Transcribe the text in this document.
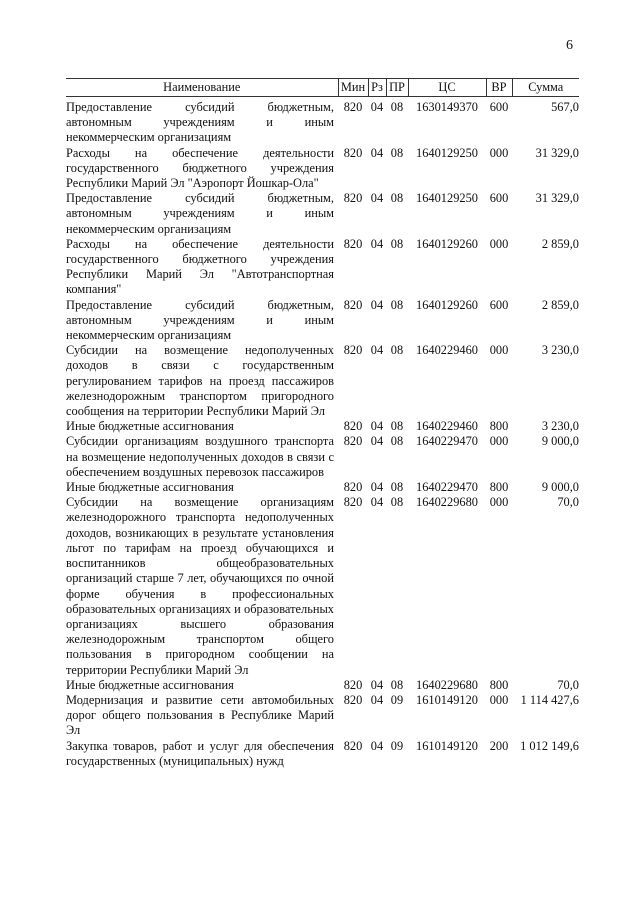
6
Наименование	Мин	Рз	ПР	ЦС	ВР	Сумма
Предоставление субсидий бюджетным, автономным учреждениям и иным некоммерческим организациям	820	04	08	1630149370	600	567,0
Расходы на обеспечение деятельности государственного бюджетного учреждения Республики Марий Эл "Аэропорт Йошкар-Ола"	820	04	08	1640129250	000	31 329,0
Предоставление субсидий бюджетным, автономным учреждениям и иным некоммерческим организациям	820	04	08	1640129250	600	31 329,0
Расходы на обеспечение деятельности государственного бюджетного учреждения Республики Марий Эл "Автотранспортная компания"	820	04	08	1640129260	000	2 859,0
Предоставление субсидий бюджетным, автономным учреждениям и иным некоммерческим организациям	820	04	08	1640129260	600	2 859,0
Субсидии на возмещение недополученных доходов в связи с государственным регулированием тарифов на проезд пассажиров железнодорожным транспортом пригородного сообщения на территории Республики Марий Эл	820	04	08	1640229460	000	3 230,0
Иные бюджетные ассигнования	820	04	08	1640229460	800	3 230,0
Субсидии организациям воздушного транспорта на возмещение недополученных доходов в связи с обеспечением воздушных перевозок пассажиров	820	04	08	1640229470	000	9 000,0
Иные бюджетные ассигнования	820	04	08	1640229470	800	9 000,0
Субсидии на возмещение организациям железнодорожного транспорта недополученных доходов, возникающих в результате установления льгот по тарифам на проезд обучающихся и воспитанников общеобразовательных организаций старше 7 лет, обучающихся по очной форме обучения в профессиональных образовательных организациях и образовательных организациях высшего образования железнодорожным транспортом общего пользования в пригородном сообщении на территории Республики Марий Эл	820	04	08	1640229680	000	70,0
Иные бюджетные ассигнования	820	04	08	1640229680	800	70,0
Модернизация и развитие сети автомобильных дорог общего пользования в Республике Марий Эл	820	04	09	1610149120	000	1 114 427,6
Закупка товаров, работ и услуг для обеспечения государственных (муниципальных) нужд	820	04	09	1610149120	200	1 012 149,6
